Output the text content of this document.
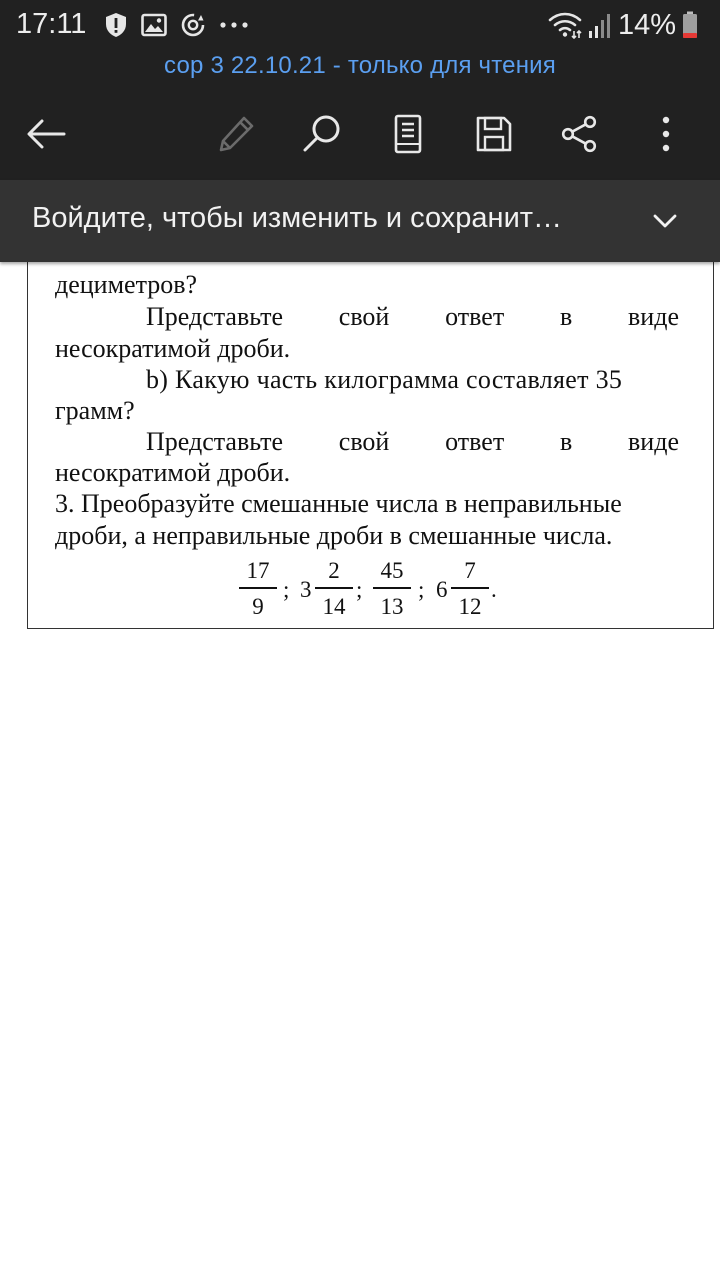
17:11	14%
сор 3 22.10.21 - только для чтения
Войдите, чтобы изменить и сохранит…
дециметров?
Представьте свой ответ в виде
несократимой дроби.
b) Какую часть килограмма составляет 35
грамм?
Представьте свой ответ в виде
несократимой дроби.
3. Преобразуйте смешанные числа в неправильные
дроби, а неправильные дроби в смешанные числа.
17
9
; 3
2
14
;
45
13
; 6
7
12
.
